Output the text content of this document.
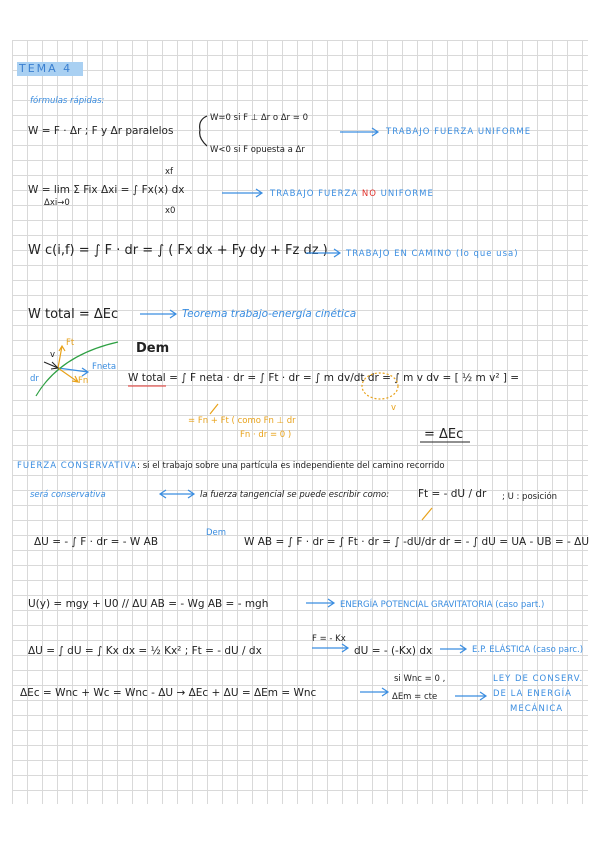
TEMA 4
fórmulas rápidas:
W = F · Δr ; F y Δr paralelos
W=0 si F ⊥ Δr o Δr = 0
W<0 si F opuesta a Δr
TRABAJO FUERZA UNIFORME
W = lim Σ Fix Δxi = ∫ Fx(x) dx
Δxi→0
xf
x0
TRABAJO FUERZA NO UNIFORME
W c(i,f) = ∫ F · dr = ∫ ( Fx dx + Fy dy + Fz dz ) TRABAJO EN CAMINO (lo que usa)
W total = ΔEc	Teorema trabajo-energía cinética
Ft
v
Fneta
Fn
dr
Dem
W total = ∫ F neta · dr = ∫ Ft · dr = ∫ m dv/dt dr = ∫ m v dv = [ ½ m v² ] =
= Fn + Ft ( como Fn ⊥ dr
Fn · dr = 0 )
v
= ΔEc
FUERZA CONSERVATIVA: si el trabajo sobre una partícula es independiente del camino recorrido
será conservativa	la fuerza tangencial se puede escribir como:	Ft = - dU / dr ; U : posición
ΔU = - ∫ F · dr = - W AB
Dem
W AB = ∫ F · dr = ∫ Ft · dr = ∫ -dU/dr dr = - ∫ dU = UA - UB = - ΔU
U(y) = mgy + U0 // ΔU AB = - Wg AB = - mgh	ENERGÍA POTENCIAL GRAVITATORIA (caso part.)
ΔU = ∫ dU = ∫ Kx dx = ½ Kx² ; Ft = - dU / dx
F = - Kx
dU = - (-Kx) dx	E.P. ELÁSTICA (caso parc.)
si Wnc = 0 ,
ΔEc = Wnc + Wc = Wnc - ΔU → ΔEc + ΔU = ΔEm = Wnc	ΔEm = cte
LEY DE CONSERV.
DE LA ENERGÍA
MECÁNICA
